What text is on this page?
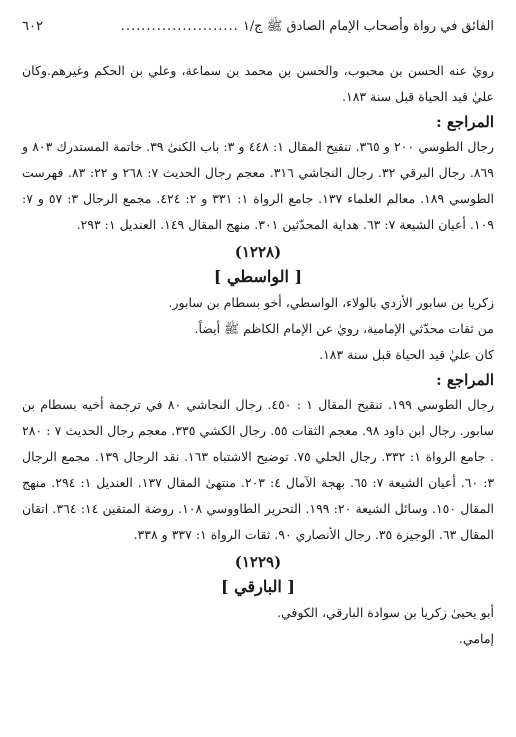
الفائق في رواة وأصحاب الإمام الصادق ﷺ ج/١
.......................
٦٠٢
رويٰ عنه الحسن بن محبوب، والحسن بن محمد بن سماعة، وعلي بن الحكم وغيرهم.وكان عليٰ قيد الحياة قبل سنة ١٨٣.
المراجع :
رجال الطوسي ٢٠٠ و ٣٦٥. تنقيح المقال ١: ٤٤٨ و ٣: باب الكنىٰ ٣٩. خاتمة المستدرك ٨٠٣ و ٨٦٩. رجال البرقي ٣٢. رجال النجاشي ٣١٦. معجم رجال الحديث ٧: ٢٦٨ و ٢٢: ٨٣. فهرست الطوسي ١٨٩. معالم العلماء ١٣٧. جامع الرواة ١: ٣٣١ و ٢: ٤٢٤. مجمع الرجال ٣: ٥٧ و ٧: ١٠٩. أعيان الشيعة ٧: ٦٣. هداية المحدّثين ٣٠١. منهج المقال ١٤٩. العنديل ١: ٢٩٣.
(١٢٢٨)
[ الواسطي ]
زكريا بن سابور الأزدي بالولاء، الواسطي، أخو بسطام بن سابور.
من ثقات محدّثي الإمامية، رويٰ عن الإمام الكاظم ﷺ أيضاً.
كان عليٰ قيد الحياة قبل سنة ١٨٣.
المراجع :
رجال الطوسي ١٩٩. تنقيح المقال ١ : ٤٥٠. رجال النجاشي ٨٠ في ترجمة أخيه بسطام بن سابور. رجال ابن داود ٩٨. معجم الثقات ٥٥. رجال الكشي ٣٣٥. معجم رجال الحديث ٧ : ٢٨٠ . جامع الرواة ١: ٣٣٢. رجال الحلي ٧٥. توضيح الاشتباه ١٦٣. نقد الرجال ١٣٩. مجمع الرجال ٣: ٦٠. أعيان الشيعة ٧: ٦٥. بهجة الآمال ٤: ٢٠٣. منتهىٰ المقال ١٣٧. العنديل ١: ٢٩٤. منهج المقال ١٥٠. وسائل الشيعة ٢٠: ١٩٩. التحرير الطاووسي ١٠٨. روضة المتقين ١٤: ٣٦٤. اتقان المقال ٦٣. الوجيزة ٣٥. رجال الأنصاري ٩٠. ثقات الرواة ١: ٣٣٧ و ٣٣٨.
(١٢٢٩)
[ البارقي ]
أبو يحيىٰ زكريا بن سوادة البارقي، الكوفي.
إمامي.
